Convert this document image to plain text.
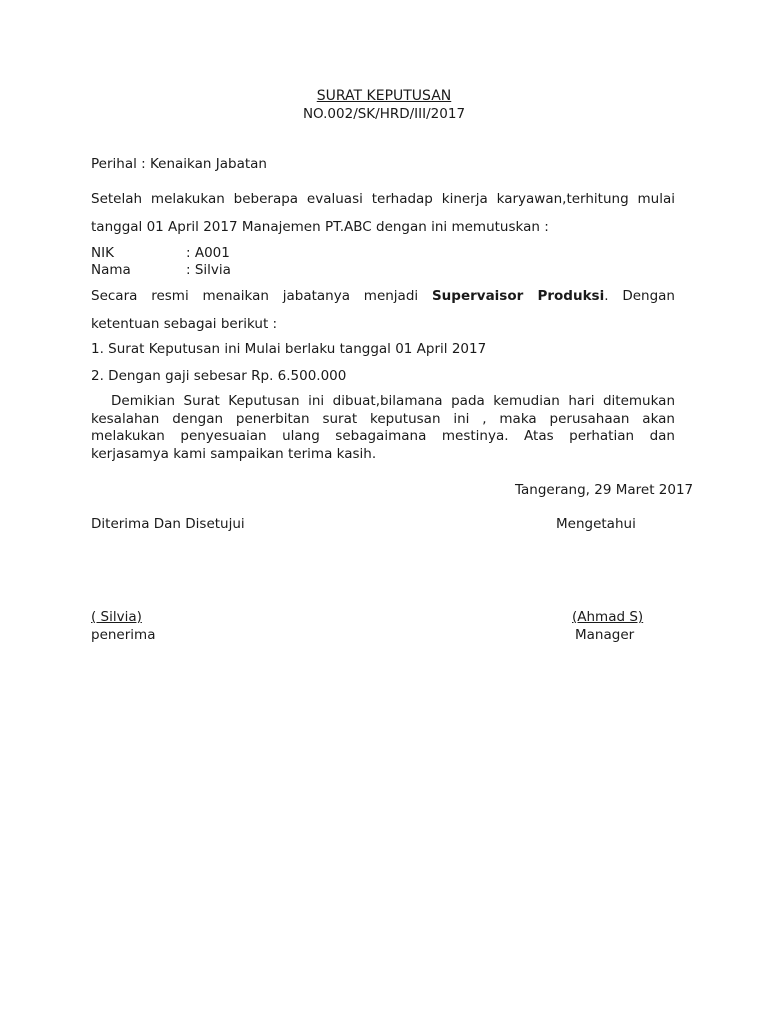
SURAT KEPUTUSAN
NO.002/SK/HRD/III/2017
Perihal : Kenaikan Jabatan
Setelah melakukan beberapa evaluasi terhadap kinerja karyawan,terhitung mulai tanggal 01 April 2017 Manajemen PT.ABC dengan ini memutuskan :
NIK	: A001
Nama	: Silvia
Secara resmi menaikan jabatanya menjadi Supervaisor Produksi. Dengan ketentuan sebagai berikut :
1. Surat Keputusan ini Mulai berlaku tanggal 01 April 2017
2. Dengan gaji sebesar Rp. 6.500.000
Demikian Surat Keputusan ini dibuat,bilamana pada kemudian hari ditemukan kesalahan dengan penerbitan surat keputusan ini , maka perusahaan akan melakukan penyesuaian ulang sebagaimana mestinya. Atas perhatian dan kerjasamya kami sampaikan terima kasih.
Tangerang, 29 Maret 2017
Diterima Dan Disetujui	Mengetahui
( Silvia)	(Ahmad S)
penerima	Manager
